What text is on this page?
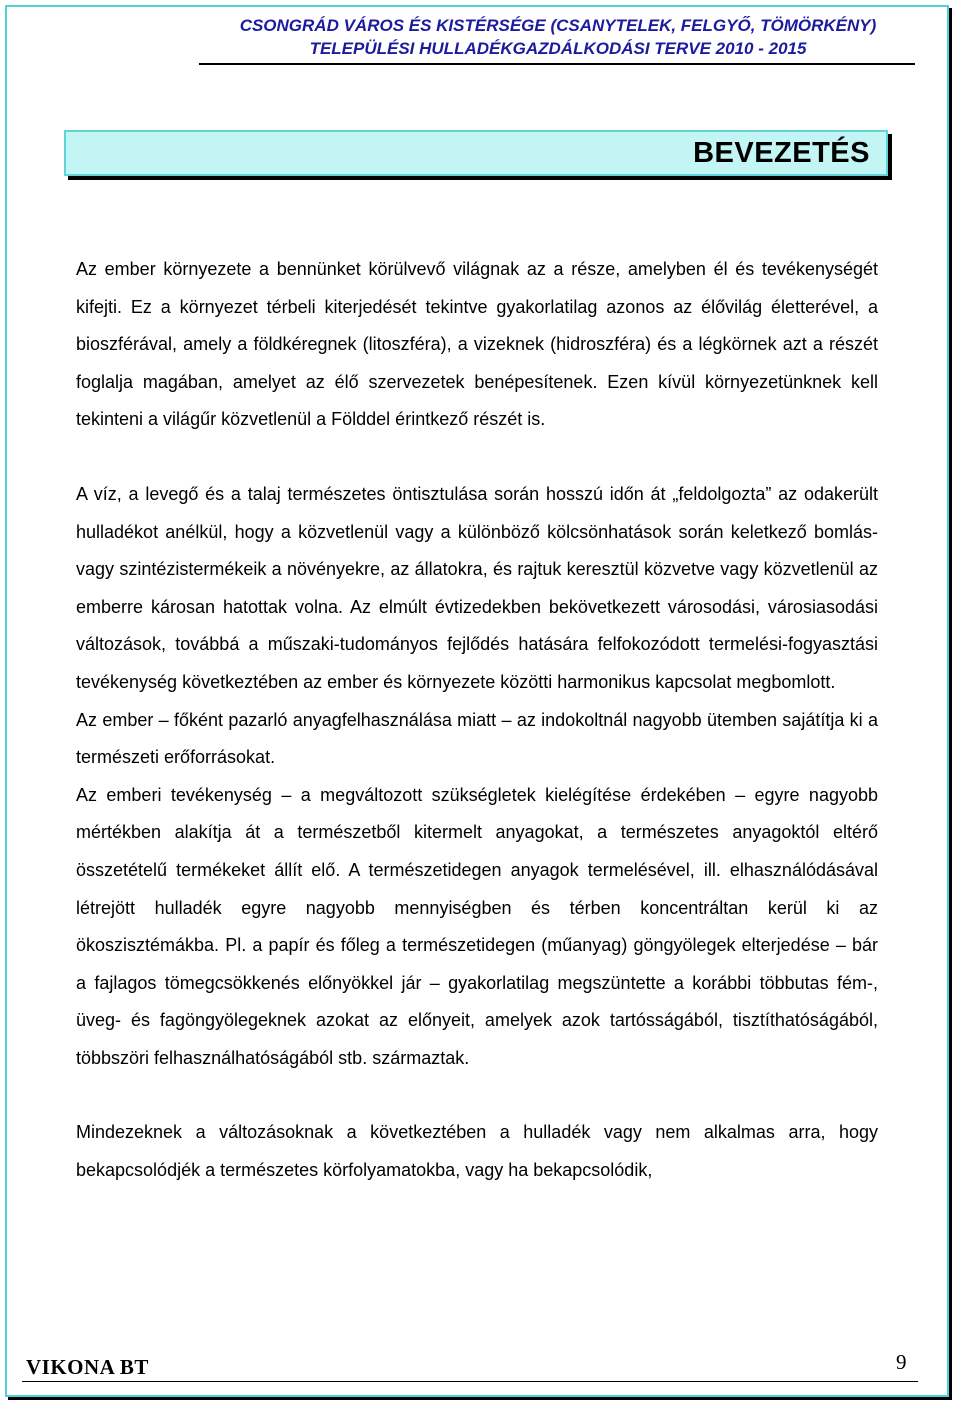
CSONGRÁD VÁROS ÉS KISTÉRSÉGE (CSANYTELEK, FELGYŐ, TÖMÖRKÉNY)
TELEPÜLÉSI HULLADÉKGAZDÁLKODÁSI TERVE 2010 - 2015
BEVEZETÉS

Az ember környezete a bennünket körülvevő világnak az a része, amelyben él és tevékenységét kifejti. Ez a környezet térbeli kiterjedését tekintve gyakorlatilag azonos az élővilág életterével, a bioszférával, amely a földkéregnek (litoszféra), a vizeknek (hidroszféra) és a légkörnek azt a részét foglalja magában, amelyet az élő szervezetek benépesítenek. Ezen kívül környezetünknek kell tekinteni a világűr közvetlenül a Földdel érintkező részét is.

A víz, a levegő és a talaj természetes öntisztulása során hosszú időn át „feldolgozta” az odakerült hulladékot anélkül, hogy a közvetlenül vagy a különböző kölcsönhatások során keletkező bomlás- vagy szintézistermékeik a növényekre, az állatokra, és rajtuk keresztül közvetve vagy közvetlenül az emberre károsan hatottak volna. Az elmúlt évtizedekben bekövetkezett városodási, városiasodási változások, továbbá a műszaki-tudományos fejlődés hatására felfokozódott termelési-fogyasztási tevékenység következtében az ember és környezete közötti harmonikus kapcsolat megbomlott.

Az ember – főként pazarló anyagfelhasználása miatt – az indokoltnál nagyobb ütemben sajátítja ki a természeti erőforrásokat.

Az emberi tevékenység – a megváltozott szükségletek kielégítése érdekében – egyre nagyobb mértékben alakítja át a természetből kitermelt anyagokat, a természetes anyagoktól eltérő összetételű termékeket állít elő. A természetidegen anyagok termelésével, ill. elhasználódásával létrejött hulladék egyre nagyobb mennyiségben és térben koncentráltan kerül ki az ökoszisztémákba. Pl. a papír és főleg a természetidegen (műanyag) göngyölegek elterjedése – bár a fajlagos tömegcsökkenés előnyökkel jár – gyakorlatilag megszüntette a korábbi többutas fém-, üveg- és fagöngyölegeknek azokat az előnyeit, amelyek azok tartósságából, tisztíthatóságából, többszöri felhasználhatóságából stb. származtak.

Mindezeknek a változásoknak a következtében a hulladék vagy nem alkalmas arra, hogy bekapcsolódjék a természetes körfolyamatokba, vagy ha bekapcsolódik,

VIKONA BT	9
